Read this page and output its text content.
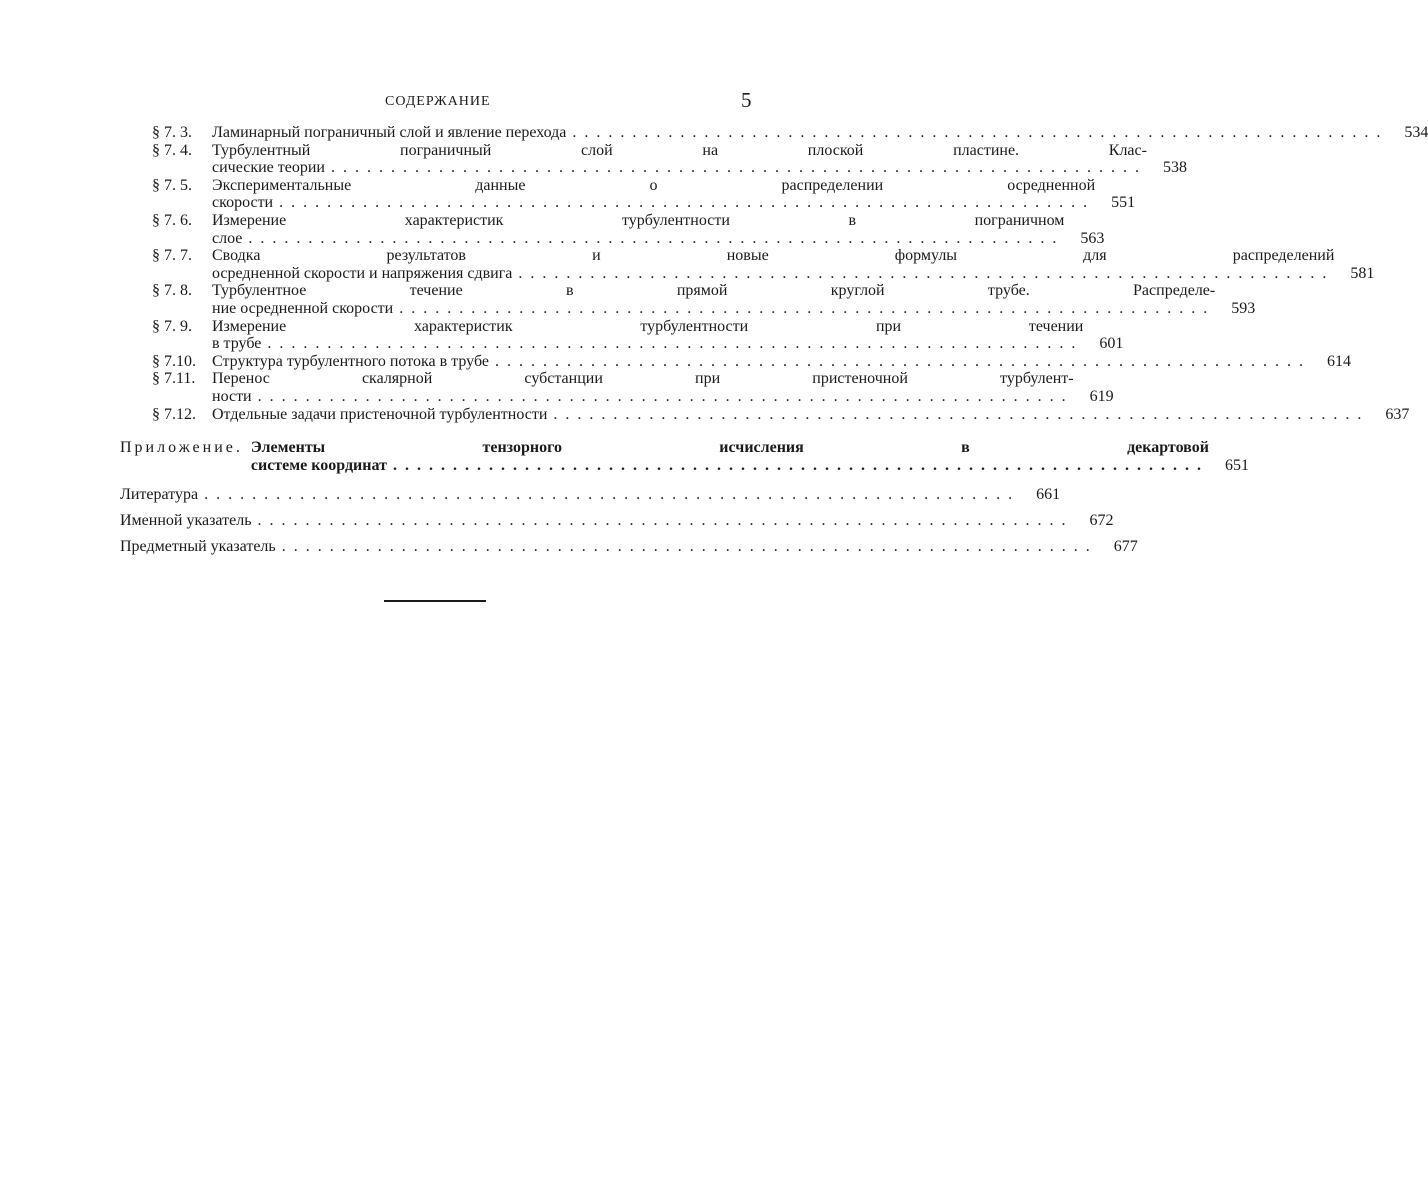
СОДЕРЖАНИЕ	5
§ 7. 3.	Ламинарный пограничный слой и явление перехода . . .	534
§ 7. 4.	Турбулентный пограничный слой на плоской пластине. Клас-
сические теории . . .	538
§ 7. 5.	Экспериментальные данные о распределении осредненной
скорости . . .	551
§ 7. 6.	Измерение характеристик турбулентности в пограничном
слое . . .	563
§ 7. 7.	Сводка результатов и новые формулы для распределений
осредненной скорости и напряжения сдвига . . .	581
§ 7. 8.	Турбулентное течение в прямой круглой трубе. Распределе-
ние осредненной скорости . . .	593
§ 7. 9.	Измерение характеристик турбулентности при течении
в трубе . . .	601
§ 7.10.	Структура турбулентного потока в трубе . . .	614
§ 7.11.	Перенос скалярной субстанции при пристеночной турбулент-
ности . . .	619
§ 7.12.	Отдельные задачи пристеночной турбулентности . . .	637
Приложение. Элементы тензорного исчисления в декартовой
системе координат . . .	651
Литература . . .	661
Именной указатель . . .	672
Предметный указатель . . .	677
